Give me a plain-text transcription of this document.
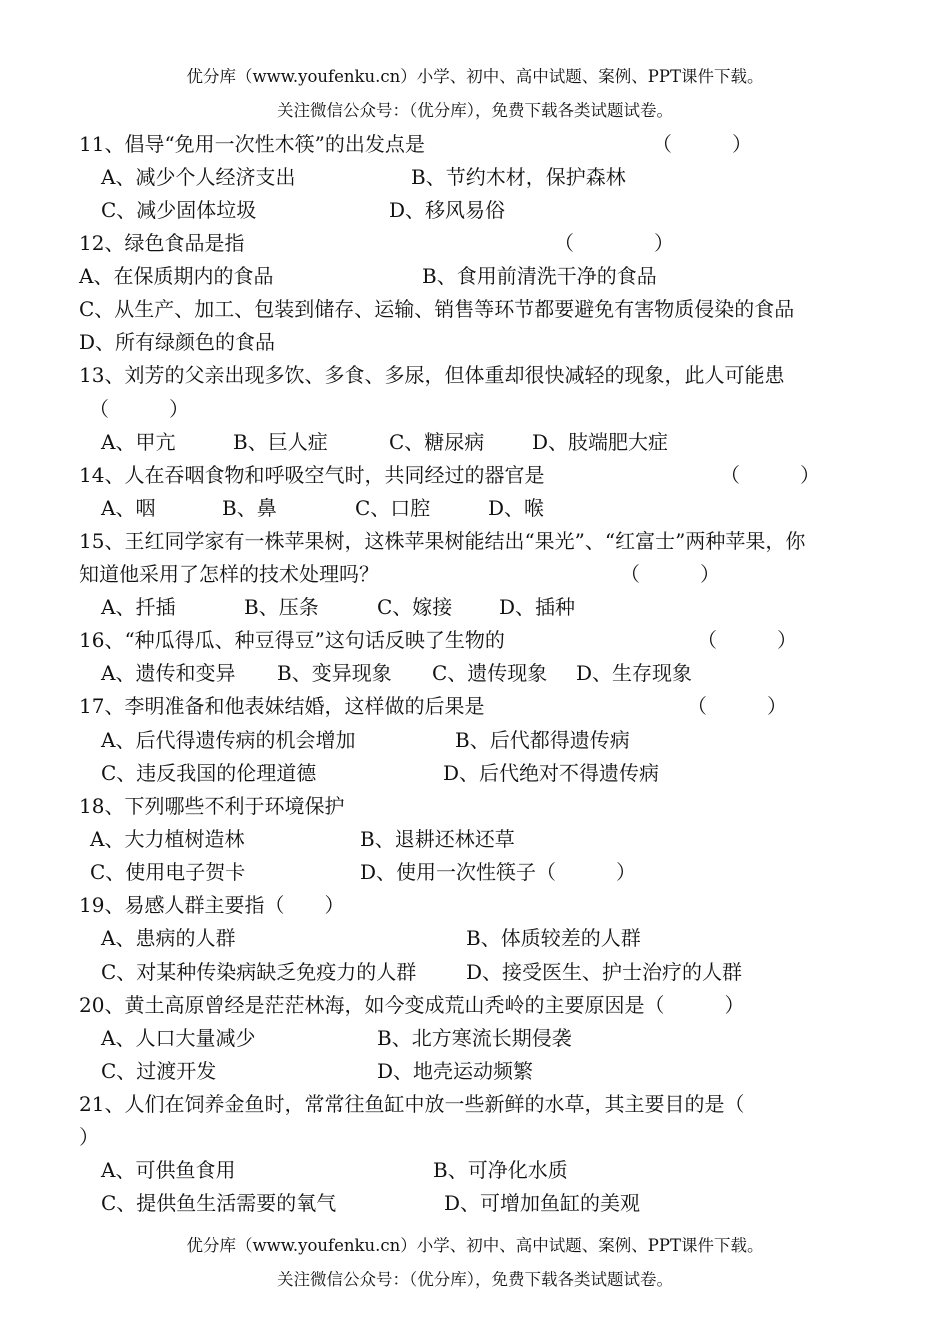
优分库（www.youfenku.cn）小学、初中、高中试题、案例、PPT课件下载。
关注微信公众号：（优分库），免费下载各类试题试卷。
11、倡导“免用一次性木筷”的出发点是	（　　　）
A、减少个人经济支出	B、节约木材，保护森林
C、减少固体垃圾	D、移风易俗
12、绿色食品是指	（　　　　）
A、在保质期内的食品	B、食用前清洗干净的食品
C、从生产、加工、包装到储存、运输、销售等环节都要避免有害物质侵染的食品
D、所有绿颜色的食品
13、刘芳的父亲出现多饮、多食、多尿，但体重却很快减轻的现象，此人可能患
（　　　）
A、甲亢	B、巨人症	C、糖尿病 D、肢端肥大症
14、人在吞咽食物和呼吸空气时，共同经过的器官是	（　　　）
A、咽	B、鼻	C、口腔	D、喉
15、王红同学家有一株苹果树，这株苹果树能结出“果光”、“红富士”两种苹果，你
知道他采用了怎样的技术处理吗？	（　　　）
A、扦插	B、压条	C、嫁接 D、插种
16、“种瓜得瓜、种豆得豆”这句话反映了生物的	（　　　）
A、遗传和变异 B、变异现象 C、遗传现象 D、生存现象
17、李明准备和他表妹结婚，这样做的后果是	（　　　）
A、后代得遗传病的机会增加	B、后代都得遗传病
C、违反我国的伦理道德	D、后代绝对不得遗传病
18、下列哪些不利于环境保护
A、大力植树造林	B、退耕还林还草
C、使用电子贺卡	D、使用一次性筷子（　　　）
19、易感人群主要指（　　）
A、患病的人群	B、体质较差的人群
C、对某种传染病缺乏免疫力的人群 D、接受医生、护士治疗的人群
20、黄土高原曾经是茫茫林海，如今变成荒山秃岭的主要原因是（　　　）
A、人口大量减少	B、北方寒流长期侵袭
C、过渡开发	D、地壳运动频繁
21、人们在饲养金鱼时，常常往鱼缸中放一些新鲜的水草，其主要目的是（
）
A、可供鱼食用	B、可净化水质
C、提供鱼生活需要的氧气	D、可增加鱼缸的美观
优分库（www.youfenku.cn）小学、初中、高中试题、案例、PPT课件下载。
关注微信公众号：（优分库），免费下载各类试题试卷。
